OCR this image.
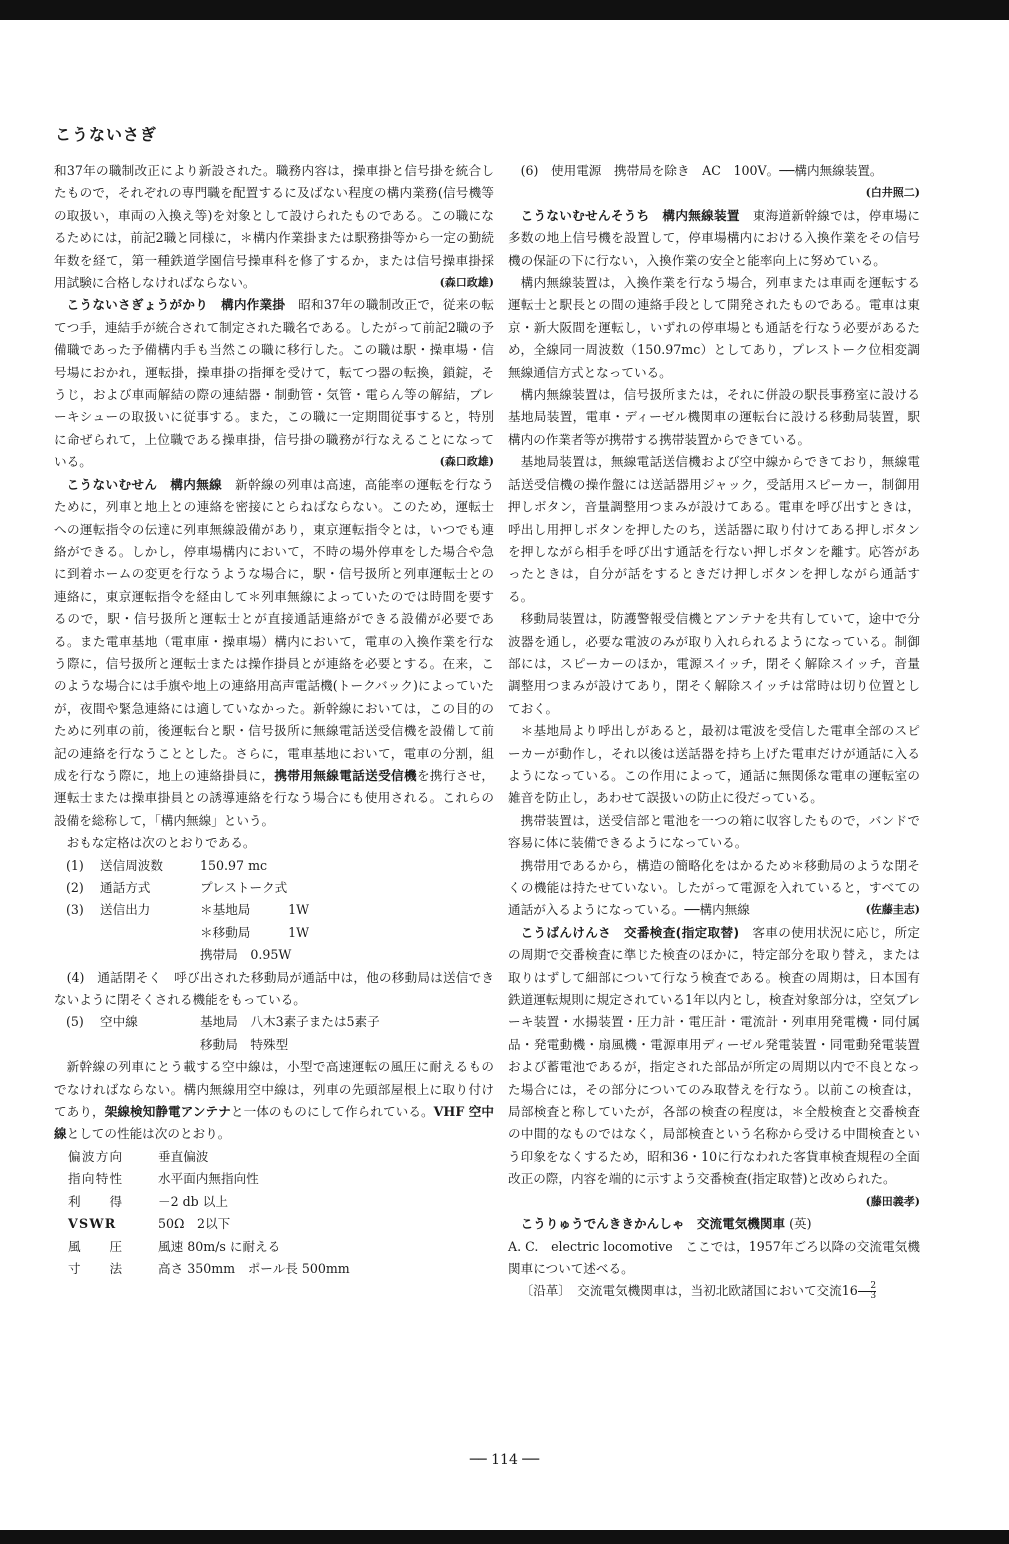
こうないさぎ

和37年の職制改正により新設された。職務内容は，操車掛と信号掛を統合したもので，それぞれの専門職を配置するに及ばない程度の構内業務(信号機等の取扱い，車両の入換え等)を対象として設けられたものである。この職になるためには，前記2職と同様に，＊構内作業掛または駅務掛等から一定の勤続年数を経て，第一種鉄道学園信号操車科を修了するか，または信号操車掛採用試験に合格しなければならない。	(森口政雄)

こうないさぎょうがかり　構内作業掛　 昭和37年の職制改正で，従来の転てつ手，連結手が統合されて制定された職名である。したがって前記2職の予備職であった予備構内手も当然この職に移行した。この職は駅・操車場・信号場におかれ，運転掛，操車掛の指揮を受けて，転てつ器の転換，鎖錠，そうじ，および車両解結の際の連結器・制動管・気管・電らん等の解結，ブレーキシューの取扱いに従事する。また，この職に一定期間従事すると，特別に命ぜられて，上位職である操車掛，信号掛の職務が行なえることになっている。	(森口政雄)

こうないむせん　構内無線　 新幹線の列車は高速，高能率の運転を行なうために，列車と地上との連絡を密接にとらねばならない。このため，運転士への運転指令の伝達に列車無線設備があり，東京運転指令とは，いつでも連絡ができる。しかし，停車場構内において，不時の場外停車をした場合や急に到着ホームの変更を行なうような場合に，駅・信号扱所と列車運転士との連絡に，東京運転指令を経由して＊列車無線によっていたのでは時間を要するので，駅・信号扱所と運転士とが直接通話連絡ができる設備が必要である。また電車基地（電車庫・操車場）構内において，電車の入換作業を行なう際に，信号扱所と運転士または操作掛員とが連絡を必要とする。在来，このような場合には手旗や地上の連絡用高声電話機(トークバック)によっていたが，夜間や緊急連絡には適していなかった。新幹線においては，この目的のために列車の前，後運転台と駅・信号扱所に無線電話送受信機を設備して前記の連絡を行なうこととした。さらに，電車基地において，電車の分割，組成を行なう際に，地上の連絡掛員に，携帯用無線電話送受信機を携行させ，運転士または操車掛員との誘導連絡を行なう場合にも使用される。これらの設備を総称して，「構内無線」という。

おもな定格は次のとおりである。

(1)	送信周波数	150.97 mc
(2)	通話方式	プレストーク式
(3)	送信出力	＊基地局　　　1W
＊移動局　　　1W
携帯局　0.95W

(4)　通話閉そく　呼び出された移動局が通話中は，他の移動局は送信できないように閉そくされる機能をもっている。

(5)	空中線	基地局　八木3素子または5素子
移動局　特殊型

新幹線の列車にとう載する空中線は，小型で高速運転の風圧に耐えるものでなければならない。構内無線用空中線は，列車の先頭部屋根上に取り付けてあり，架線検知静電アンテナと一体のものにして作られている。VHF 空中線としての性能は次のとおり。

偏波方向	垂直偏波
指向特性	水平面内無指向性
利　　得	－2 db 以上
VSWR	50Ω　2以下
風　　圧	風速 80m/s に耐える
寸　　法	高さ 350mm　ポール長 500mm

(6)　使用電源　携帯局を除き　AC　100V。──構内無線装置。
(白井照二)

こうないむせんそうち　構内無線装置　 東海道新幹線では，停車場に多数の地上信号機を設置して，停車場構内における入換作業をその信号機の保証の下に行ない，入換作業の安全と能率向上に努めている。

構内無線装置は，入換作業を行なう場合，列車または車両を運転する運転士と駅長との間の連絡手段として開発されたものである。電車は東京・新大阪間を運転し，いずれの停車場とも通話を行なう必要があるため，全線同一周波数（150.97mc）としてあり，プレストーク位相変調無線通信方式となっている。

構内無線装置は，信号扱所または，それに併設の駅長事務室に設ける基地局装置，電車・ディーゼル機関車の運転台に設ける移動局装置，駅構内の作業者等が携帯する携帯装置からできている。

基地局装置は，無線電話送信機および空中線からできており，無線電話送受信機の操作盤には送話器用ジャック，受話用スピーカー，制御用押しボタン，音量調整用つまみが設けてある。電車を呼び出すときは，呼出し用押しボタンを押したのち，送話器に取り付けてある押しボタンを押しながら相手を呼び出す通話を行ない押しボタンを離す。応答があったときは，自分が話をするときだけ押しボタンを押しながら通話する。

移動局装置は，防護警報受信機とアンテナを共有していて，途中で分波器を通し，必要な電波のみが取り入れられるようになっている。制御部には，スピーカーのほか，電源スイッチ，閉そく解除スイッチ，音量調整用つまみが設けてあり，閉そく解除スイッチは常時は切り位置としておく。

＊基地局より呼出しがあると，最初は電波を受信した電車全部のスピーカーが動作し，それ以後は送話器を持ち上げた電車だけが通話に入るようになっている。この作用によって，通話に無関係な電車の運転室の雑音を防止し，あわせて誤扱いの防止に役だっている。

携帯装置は，送受信部と電池を一つの箱に収容したもので，バンドで容易に体に装備できるようになっている。

携帯用であるから，構造の簡略化をはかるため＊移動局のような閉そくの機能は持たせていない。したがって電源を入れていると，すべての通話が入るようになっている。──構内無線	(佐藤圭志)

こうばんけんさ　交番検査(指定取替)　 客車の使用状況に応じ，所定の周期で交番検査に準じた検査のほかに，特定部分を取り替え，または取りはずして細部について行なう検査である。検査の周期は，日本国有鉄道運転規則に規定されている1年以内とし，検査対象部分は，空気ブレーキ装置・水揚装置・圧力計・電圧計・電流計・列車用発電機・同付属品・発電動機・扇風機・電源車用ディーゼル発電装置・同電動発電装置および蓄電池であるが，指定された部品が所定の周期以内で不良となった場合には，その部分についてのみ取替えを行なう。以前この検査は，局部検査と称していたが，各部の検査の程度は，＊全般検査と交番検査の中間的なものではなく，局部検査という名称から受ける中間検査という印象をなくするため，昭和36・10に行なわれた客貨車検査規程の全面改正の際，内容を端的に示すよう交番検査(指定取替)と改められた。
(藤田義孝)

こうりゅうでんききかんしゃ　交流電気機関車 (英)

A. C.　electric locomotive　ここでは，1957年ごろ以降の交流電気機関車について述べる。

〔沿革〕　交流電気機関車は，当初北欧諸国において交流$16 \frac{2}{3}$

── 114 ──
